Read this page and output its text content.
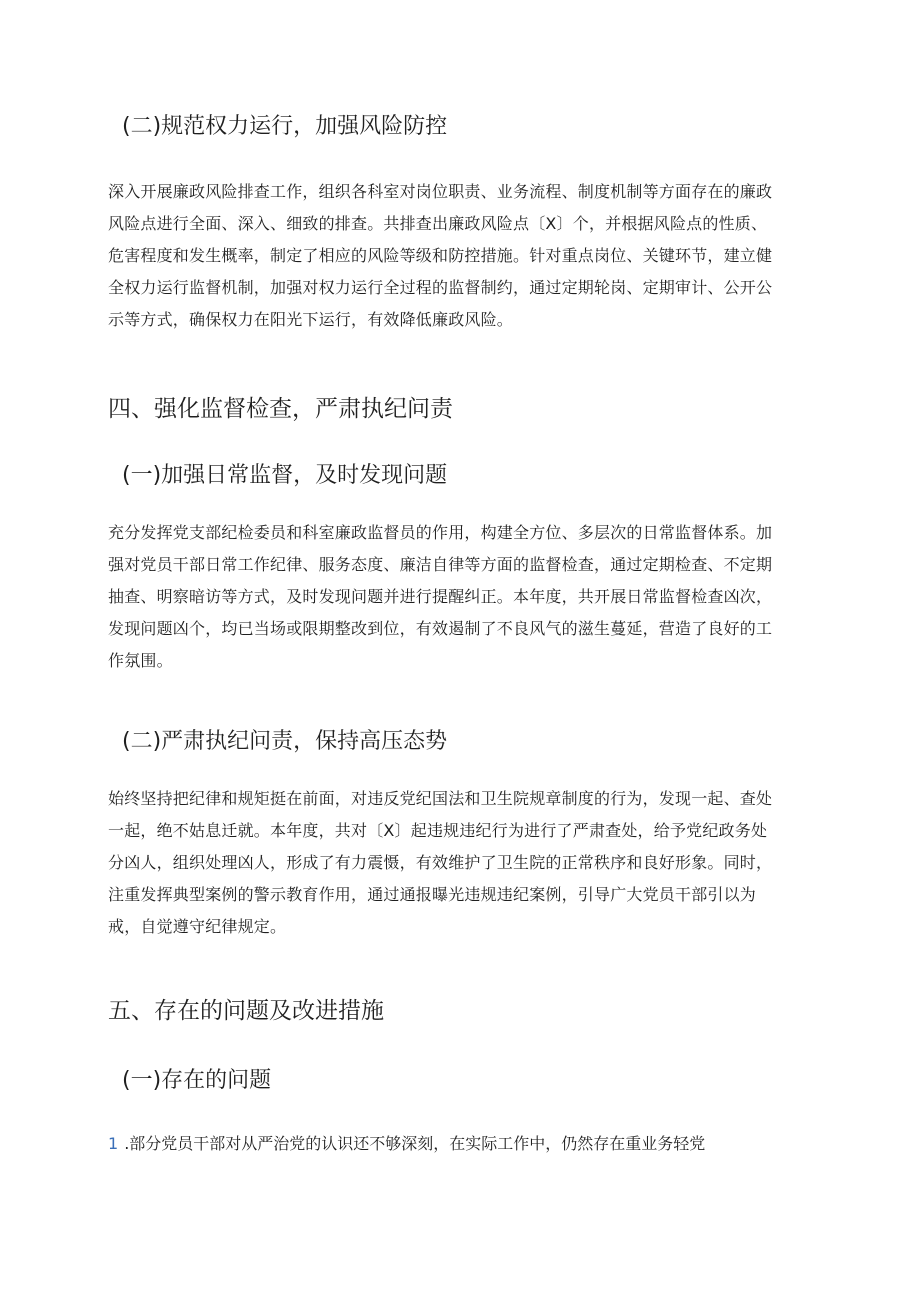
(二)规范权力运行，加强风险防控
深入开展廉政风险排查工作，组织各科室对岗位职责、业务流程、制度机制等方面存在的廉政
风险点进行全面、深入、细致的排查。共排查出廉政风险点〔X〕个，并根据风险点的性质、
危害程度和发生概率，制定了相应的风险等级和防控措施。针对重点岗位、关键环节，建立健
全权力运行监督机制，加强对权力运行全过程的监督制约，通过定期轮岗、定期审计、公开公
示等方式，确保权力在阳光下运行，有效降低廉政风险。
四、强化监督检查，严肃执纪问责
(一)加强日常监督，及时发现问题
充分发挥党支部纪检委员和科室廉政监督员的作用，构建全方位、多层次的日常监督体系。加
强对党员干部日常工作纪律、服务态度、廉洁自律等方面的监督检查，通过定期检查、不定期
抽查、明察暗访等方式，及时发现问题并进行提醒纠正。本年度，共开展日常监督检查凶次，
发现问题凶个，均已当场或限期整改到位，有效遏制了不良风气的滋生蔓延，营造了良好的工
作氛围。
(二)严肃执纪问责，保持高压态势
始终坚持把纪律和规矩挺在前面，对违反党纪国法和卫生院规章制度的行为，发现一起、查处
一起，绝不姑息迁就。本年度，共对〔X〕起违规违纪行为进行了严肃查处，给予党纪政务处
分凶人，组织处理凶人，形成了有力震慑，有效维护了卫生院的正常秩序和良好形象。同时，
注重发挥典型案例的警示教育作用，通过通报曝光违规违纪案例，引导广大党员干部引以为
戒，自觉遵守纪律规定。
五、存在的问题及改进措施
(一)存在的问题
1 .部分党员干部对从严治党的认识还不够深刻，在实际工作中，仍然存在重业务轻党
